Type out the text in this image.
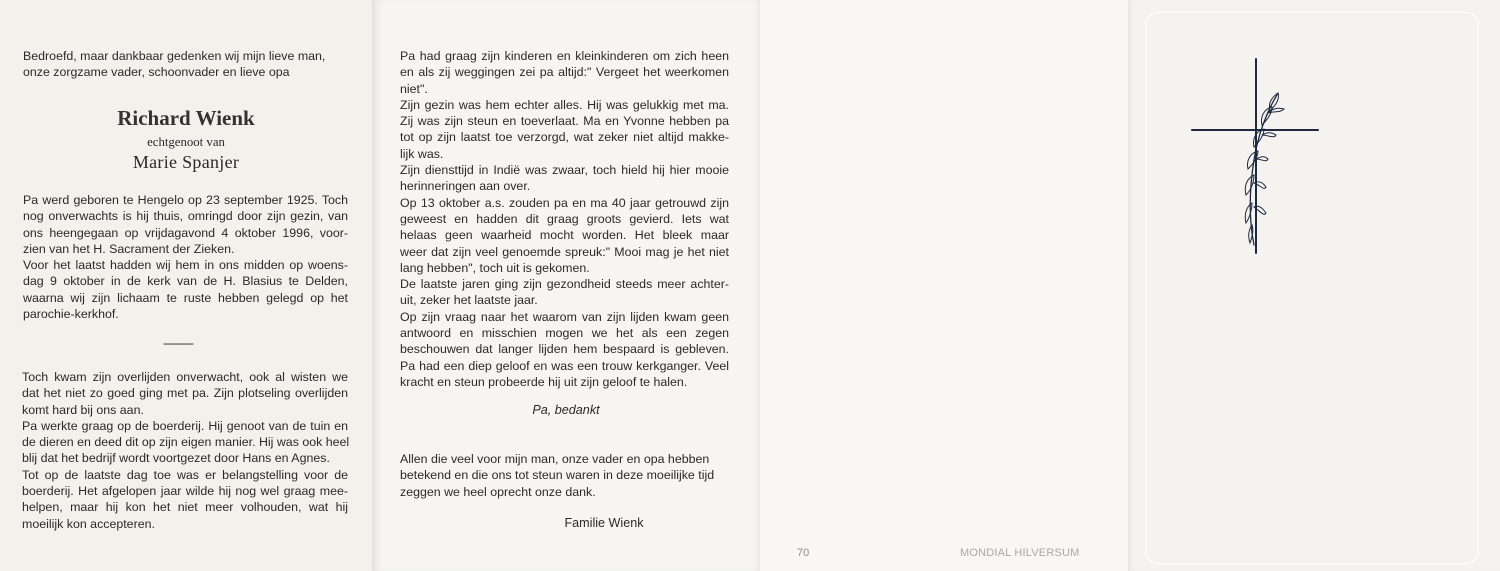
Bedroefd, maar dankbaar gedenken wij mijn lieve man,
onze zorgzame vader, schoonvader en lieve opa
Richard Wienk
echtgenoot van
Marie Spanjer
Pa werd geboren te Hengelo op 23 september 1925. Toch
nog onverwachts is hij thuis, omringd door zijn gezin, van
ons heengegaan op vrijdagavond 4 oktober 1996, voor-
zien van het H. Sacrament der Zieken.
Voor het laatst hadden wij hem in ons midden op woens-
dag 9 oktober in de kerk van de H. Blasius te Delden,
waarna wij zijn lichaam te ruste hebben gelegd op het
parochie-kerkhof.
----------
Toch kwam zijn overlijden onverwacht, ook al wisten we
dat het niet zo goed ging met pa. Zijn plotseling overlijden
komt hard bij ons aan.
Pa werkte graag op de boerderij. Hij genoot van de tuin en
de dieren en deed dit op zijn eigen manier. Hij was ook heel
blij dat het bedrijf wordt voortgezet door Hans en Agnes.
Tot op de laatste dag toe was er belangstelling voor de
boerderij. Het afgelopen jaar wilde hij nog wel graag mee-
helpen, maar hij kon het niet meer volhouden, wat hij
moeilijk kon accepteren.
Pa had graag zijn kinderen en kleinkinderen om zich heen
en als zij weggingen zei pa altijd:" Vergeet het weerkomen
niet".
Zijn gezin was hem echter alles. Hij was gelukkig met ma.
Zij was zijn steun en toeverlaat. Ma en Yvonne hebben pa
tot op zijn laatst toe verzorgd, wat zeker niet altijd makke-
lijk was.
Zijn diensttijd in Indië was zwaar, toch hield hij hier mooie
herinneringen aan over.
Op 13 oktober a.s. zouden pa en ma 40 jaar getrouwd zijn
geweest en hadden dit graag groots gevierd. Iets wat
helaas geen waarheid mocht worden. Het bleek maar
weer dat zijn veel genoemde spreuk:" Mooi mag je het niet
lang hebben", toch uit is gekomen.
De laatste jaren ging zijn gezondheid steeds meer achter-
uit, zeker het laatste jaar.
Op zijn vraag naar het waarom van zijn lijden kwam geen
antwoord en misschien mogen we het als een zegen
beschouwen dat langer lijden hem bespaard is gebleven.
Pa had een diep geloof en was een trouw kerkganger. Veel
kracht en steun probeerde hij uit zijn geloof te halen.
Pa, bedankt
Allen die veel voor mijn man, onze vader en opa hebben
betekend en die ons tot steun waren in deze moeilijke tijd
zeggen we heel oprecht onze dank.
Familie Wienk
70	MONDIAL HILVERSUM
